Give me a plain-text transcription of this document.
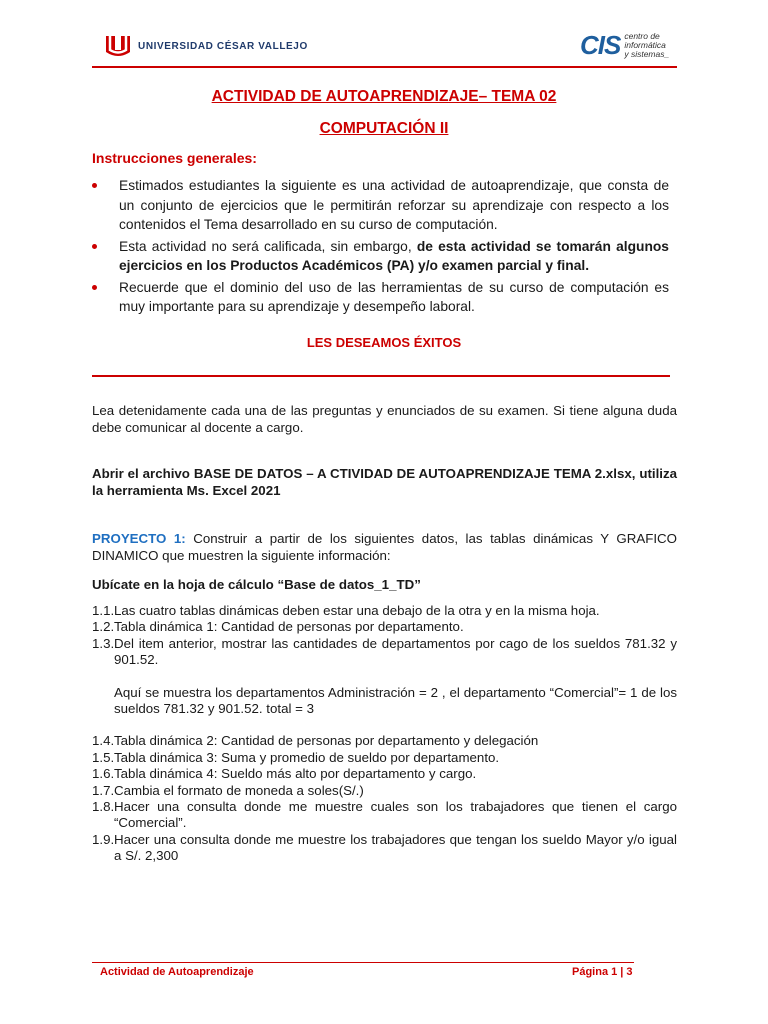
UNIVERSIDAD CÉSAR VALLEJO	CIS centro de
informática
y sistemas_
ACTIVIDAD DE AUTOAPRENDIZAJE– TEMA 02
COMPUTACIÓN II
Instrucciones generales:
Estimados estudiantes la siguiente es una actividad de autoaprendizaje, que consta de un conjunto de ejercicios que le permitirán reforzar su aprendizaje con respecto a los contenidos el Tema desarrollado en su curso de computación.
Esta actividad no será calificada, sin embargo, de esta actividad se tomarán algunos ejercicios en los Productos Académicos (PA) y/o examen parcial y final.
Recuerde que el dominio del uso de las herramientas de su curso de computación es muy importante para su aprendizaje y desempeño laboral.
LES DESEAMOS ÉXITOS
Lea detenidamente cada una de las preguntas y enunciados de su examen. Si tiene alguna duda debe comunicar al docente a cargo.
Abrir el archivo BASE DE DATOS – A CTIVIDAD DE AUTOAPRENDIZAJE TEMA 2.xlsx, utiliza la herramienta Ms. Excel 2021
PROYECTO 1: Construir a partir de los siguientes datos, las tablas dinámicas Y GRAFICO DINAMICO que muestren la siguiente información:
Ubícate en la hoja de cálculo “Base de datos_1_TD”
1.1. Las cuatro tablas dinámicas deben estar una debajo de la otra y en la misma hoja.
1.2. Tabla dinámica 1: Cantidad de personas por departamento.
1.3. Del item anterior, mostrar las cantidades de departamentos por cago de los sueldos 781.32 y 901.52.
Aquí se muestra los departamentos Administración = 2 , el departamento “Comercial”= 1 de los sueldos 781.32 y 901.52. total = 3
1.4. Tabla dinámica 2: Cantidad de personas por departamento y delegación
1.5. Tabla dinámica 3: Suma y promedio de sueldo por departamento.
1.6. Tabla dinámica 4: Sueldo más alto por departamento y cargo.
1.7. Cambia el formato de moneda a soles(S/.)
1.8. Hacer una consulta donde me muestre cuales son los trabajadores que tienen el cargo “Comercial”.
1.9. Hacer una consulta donde me muestre los trabajadores que tengan los sueldo Mayor y/o igual a S/. 2,300
Actividad de Autoaprendizaje	Página 1 | 3
